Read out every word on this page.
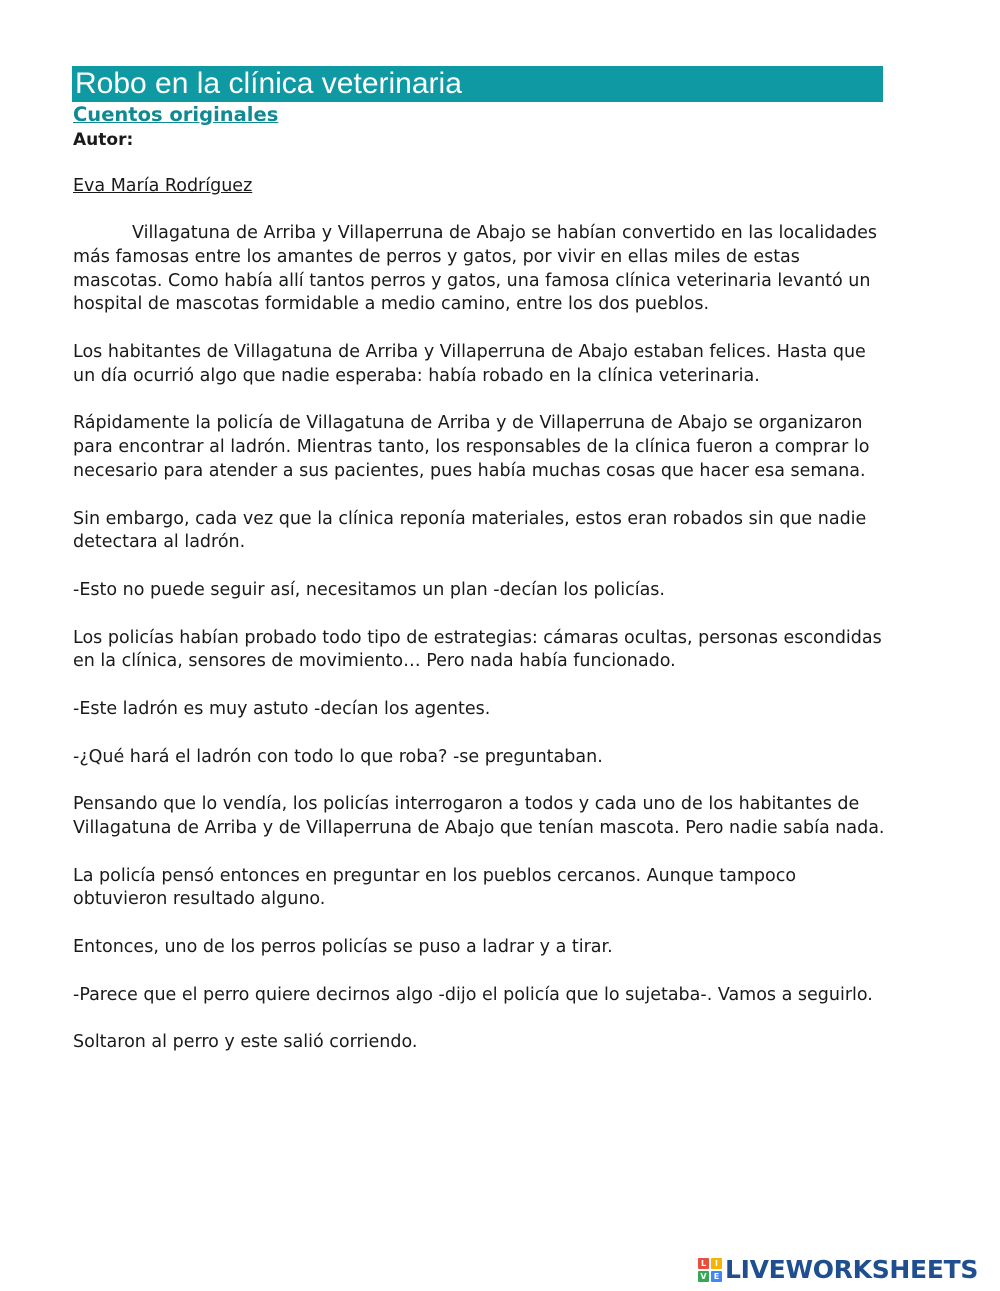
Robo en la clínica veterinaria
Cuentos originales
Autor:
Eva María Rodríguez

Villagatuna de Arriba y Villaperruna de Abajo se habían convertido en las localidades más famosas entre los amantes de perros y gatos, por vivir en ellas miles de estas mascotas. Como había allí tantos perros y gatos, una famosa clínica veterinaria levantó un hospital de mascotas formidable a medio camino, entre los dos pueblos.

Los habitantes de Villagatuna de Arriba y Villaperruna de Abajo estaban felices. Hasta que un día ocurrió algo que nadie esperaba: había robado en la clínica veterinaria.

Rápidamente la policía de Villagatuna de Arriba y de Villaperruna de Abajo se organizaron para encontrar al ladrón. Mientras tanto, los responsables de la clínica fueron a comprar lo necesario para atender a sus pacientes, pues había muchas cosas que hacer esa semana.

Sin embargo, cada vez que la clínica reponía materiales, estos eran robados sin que nadie detectara al ladrón.

-Esto no puede seguir así, necesitamos un plan -decían los policías.

Los policías habían probado todo tipo de estrategias: cámaras ocultas, personas escondidas en la clínica, sensores de movimiento… Pero nada había funcionado.

-Este ladrón es muy astuto -decían los agentes.

-¿Qué hará el ladrón con todo lo que roba? -se preguntaban.

Pensando que lo vendía, los policías interrogaron a todos y cada uno de los habitantes de Villagatuna de Arriba y de Villaperruna de Abajo que tenían mascota. Pero nadie sabía nada.

La policía pensó entonces en preguntar en los pueblos cercanos. Aunque tampoco obtuvieron resultado alguno.

Entonces, uno de los perros policías se puso a ladrar y a tirar.

-Parece que el perro quiere decirnos algo -dijo el policía que lo sujetaba-. Vamos a seguirlo.

Soltaron al perro y este salió corriendo.

L	I
V E LIVEWORKSHEETS
